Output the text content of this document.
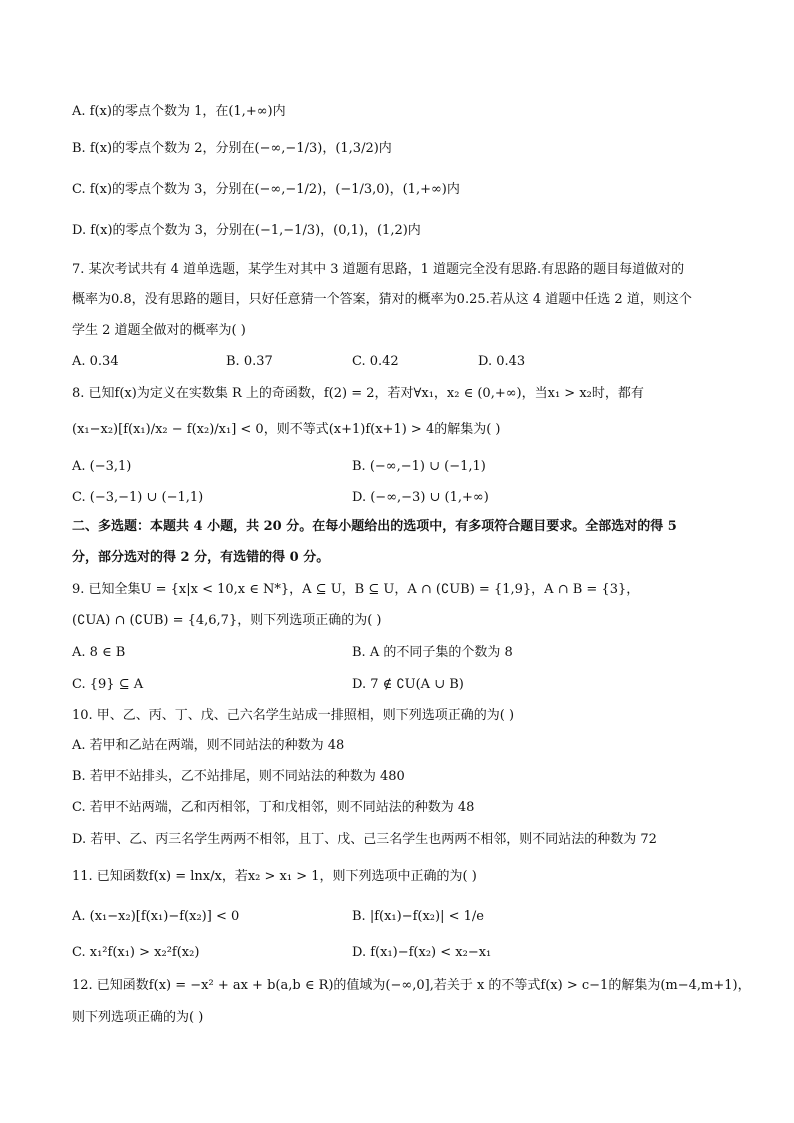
A. f(x)的零点个数为 1，在(1,+∞)内
B. f(x)的零点个数为 2，分别在(−∞,−1/3)，(1,3/2)内
C. f(x)的零点个数为 3，分别在(−∞,−1/2)，(−1/3,0)，(1,+∞)内
D. f(x)的零点个数为 3，分别在(−1,−1/3)，(0,1)，(1,2)内
7. 某次考试共有 4 道单选题，某学生对其中 3 道题有思路，1 道题完全没有思路.有思路的题目每道做对的
概率为0.8，没有思路的题目，只好任意猜一个答案，猜对的概率为0.25.若从这 4 道题中任选 2 道，则这个
学生 2 道题全做对的概率为( )
A. 0.34	B. 0.37	C. 0.42	D. 0.43
8. 已知f(x)为定义在实数集 R 上的奇函数，f(2) = 2，若对∀x₁，x₂ ∈ (0,+∞)，当x₁ > x₂时，都有
(x₁−x₂)[f(x₁)/x₂ − f(x₂)/x₁] < 0，则不等式(x+1)f(x+1) > 4的解集为( )
A. (−3,1)	B. (−∞,−1) ∪ (−1,1)
C. (−3,−1) ∪ (−1,1)	D. (−∞,−3) ∪ (1,+∞)
二、多选题：本题共 4 小题，共 20 分。在每小题给出的选项中，有多项符合题目要求。全部选对的得 5
分，部分选对的得 2 分，有选错的得 0 分。
9. 已知全集U = {x|x < 10,x ∈ N*}，A ⊆ U，B ⊆ U，A ∩ (∁UB) = {1,9}，A ∩ B = {3}，
(∁UA) ∩ (∁UB) = {4,6,7}，则下列选项正确的为( )
A. 8 ∈ B	B. A 的不同子集的个数为 8
C. {9} ⊆ A	D. 7 ∉ ∁U(A ∪ B)
10. 甲、乙、丙、丁、戊、己六名学生站成一排照相，则下列选项正确的为( )
A. 若甲和乙站在两端，则不同站法的种数为 48
B. 若甲不站排头，乙不站排尾，则不同站法的种数为 480
C. 若甲不站两端，乙和丙相邻，丁和戊相邻，则不同站法的种数为 48
D. 若甲、乙、丙三名学生两两不相邻，且丁、戊、己三名学生也两两不相邻，则不同站法的种数为 72
11. 已知函数f(x) = lnx/x，若x₂ > x₁ > 1，则下列选项中正确的为( )
A. (x₁−x₂)[f(x₁)−f(x₂)] < 0	B. |f(x₁)−f(x₂)| < 1/e
C. x₁²f(x₁) > x₂²f(x₂)	D. f(x₁)−f(x₂) < x₂−x₁
12. 已知函数f(x) = −x² + ax + b(a,b ∈ R)的值域为(−∞,0],若关于 x 的不等式f(x) > c−1的解集为(m−4,m+1)，
则下列选项正确的为( )
